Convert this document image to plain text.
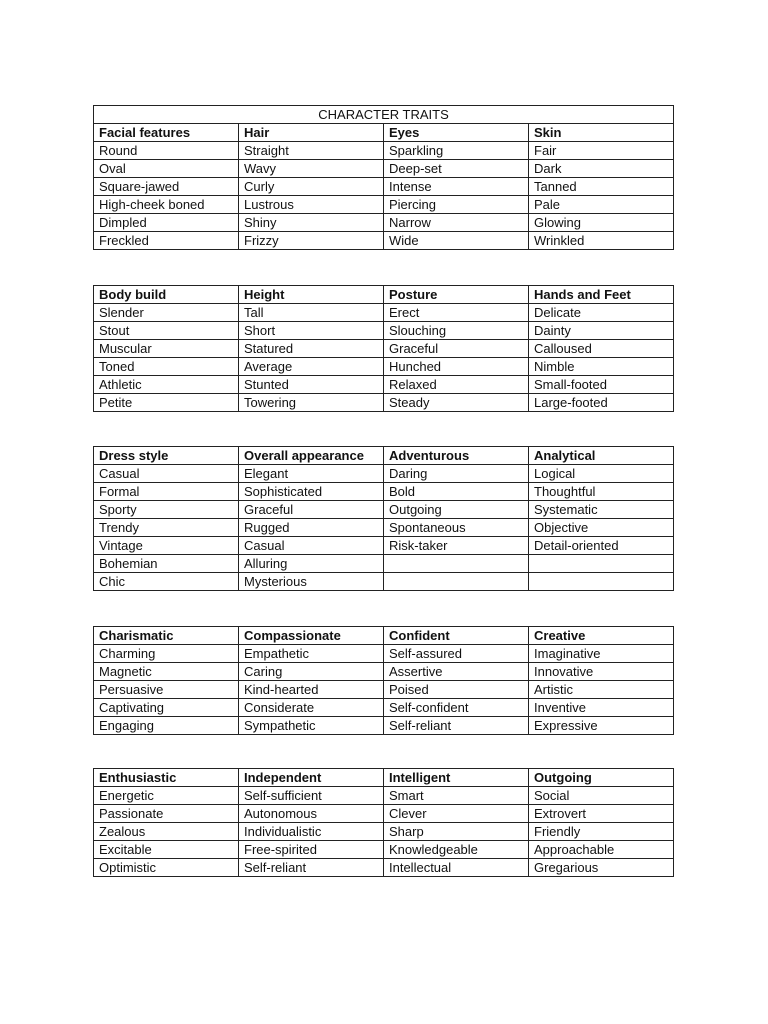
CHARACTER TRAITS			
Facial features	Hair	Eyes	Skin
Round	Straight	Sparkling	Fair
Oval	Wavy	Deep-set	Dark
Square-jawed	Curly	Intense	Tanned
High-cheek boned	Lustrous	Piercing	Pale
Dimpled	Shiny	Narrow	Glowing
Freckled	Frizzy	Wide	Wrinkled
Body build	Height	Posture	Hands and Feet
Slender	Tall	Erect	Delicate
Stout	Short	Slouching	Dainty
Muscular	Statured	Graceful	Calloused
Toned	Average	Hunched	Nimble
Athletic	Stunted	Relaxed	Small-footed
Petite	Towering	Steady	Large-footed
Dress style	Overall appearance	Adventurous	Analytical
Casual	Elegant	Daring	Logical
Formal	Sophisticated	Bold	Thoughtful
Sporty	Graceful	Outgoing	Systematic
Trendy	Rugged	Spontaneous	Objective
Vintage	Casual	Risk-taker	Detail-oriented
Bohemian	Alluring		
Chic	Mysterious		
Charismatic	Compassionate	Confident	Creative
Charming	Empathetic	Self-assured	Imaginative
Magnetic	Caring	Assertive	Innovative
Persuasive	Kind-hearted	Poised	Artistic
Captivating	Considerate	Self-confident	Inventive
Engaging	Sympathetic	Self-reliant	Expressive
Enthusiastic	Independent	Intelligent	Outgoing
Energetic	Self-sufficient	Smart	Social
Passionate	Autonomous	Clever	Extrovert
Zealous	Individualistic	Sharp	Friendly
Excitable	Free-spirited	Knowledgeable	Approachable
Optimistic	Self-reliant	Intellectual	Gregarious
